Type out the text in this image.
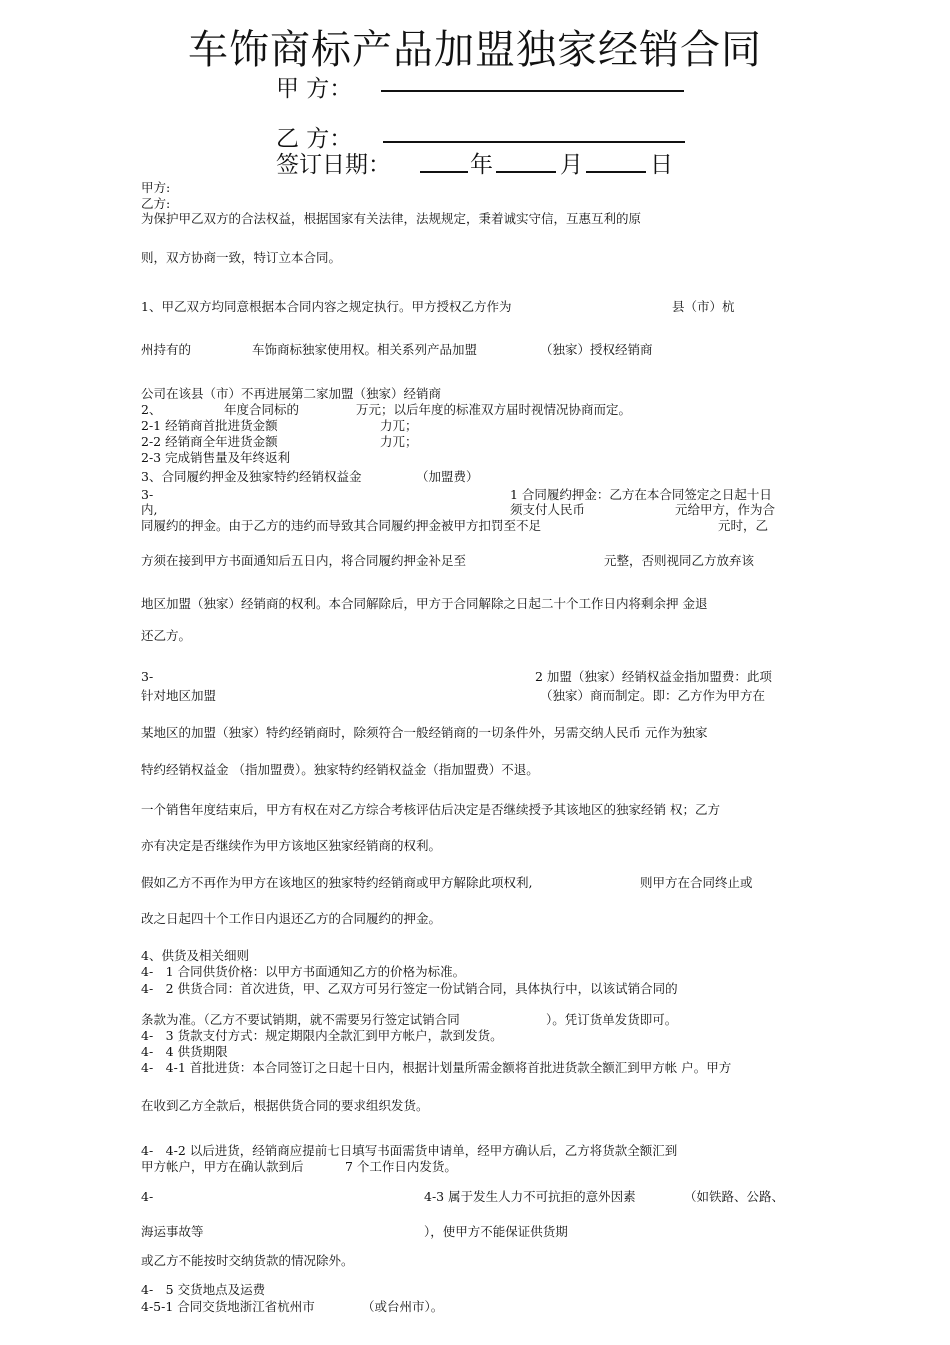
车饰商标产品加盟独家经销合同
甲 方：
乙 方：
签订日期：	年	月	日
甲方:
乙方:
为保护甲乙双方的合法权益，根据国家有关法律，法规规定，秉着诚实守信，互惠互利的原
则，双方协商一致，特订立本合同。
1、甲乙双方均同意根据本合同内容之规定执行。甲方授权乙方作为	县（市）杭
州持有的	车饰商标独家使用权。相关系列产品加盟	（独家）授权经销商
公司在该县（市）不再进展第二家加盟（独家）经销商
2、	年度合同标的	万元；以后年度的标准双方届时视情况协商而定。
2-1 经销商首批进货金额	力兀；
2-2 经销商全年进货金额	力兀；
2-3 完成销售量及年终返利
3、合同履约押金及独家特约经销权益金	（加盟费）
3-	1 合同履约押金：乙方在本合同签定之日起十日
内,	须支付人民币	元给甲方，作为合
同履约的押金。由于乙方的违约而导致其合同履约押金被甲方扣罚至不足	元时，乙
方须在接到甲方书面通知后五日内，将合同履约押金补足至	元整，否则视同乙方放弃该
地区加盟（独家）经销商的权利。本合同解除后，甲方于合同解除之日起二十个工作日内将剩余押 金退
还乙方。
3-	2 加盟（独家）经销权益金指加盟费：此项
针对地区加盟	（独家）商而制定。即：乙方作为甲方在
某地区的加盟（独家）特约经销商时，除须符合一般经销商的一切条件外，另需交纳人民币 元作为独家
特约经销权益金 （指加盟费）。独家特约经销权益金（指加盟费）不退。
一个销售年度结束后，甲方有权在对乙方综合考核评估后决定是否继续授予其该地区的独家经销 权；乙方
亦有决定是否继续作为甲方该地区独家经销商的权利。
假如乙方不再作为甲方在该地区的独家特约经销商或甲方解除此项权利,	则甲方在合同终止或
改之日起四十个工作日内退还乙方的合同履约的押金。
4、供货及相关细则
4-　1 合同供货价格：以甲方书面通知乙方的价格为标准。
4-　2 供货合同：首次进货，甲、乙双方可另行签定一份试销合同，具体执行中，以该试销合同的
条款为准。（乙方不要试销期，就不需要另行签定试销合同	）。凭订货单发货即可。
4-　3 货款支付方式：规定期限内全款汇到甲方帐户，款到发货。
4-　4 供货期限
4-　4-1 首批进货：本合同签订之日起十日内，根据计划量所需金额将首批进货款全额汇到甲方帐 户。甲方
在收到乙方全款后，根据供货合同的要求组织发货。
4-　4-2 以后进货，经销商应提前七日填写书面需货申请单，经甲方确认后，乙方将货款全额汇到
甲方帐户，甲方在确认款到后	7 个工作日内发货。
4-	4-3 属于发生人力不可抗拒的意外因素	（如铁路、公路、
海运事故等	），使甲方不能保证供货期
或乙方不能按时交纳货款的情况除外。
4-　5 交货地点及运费
4-5-1 合同交货地浙江省杭州市	（或台州市）。
